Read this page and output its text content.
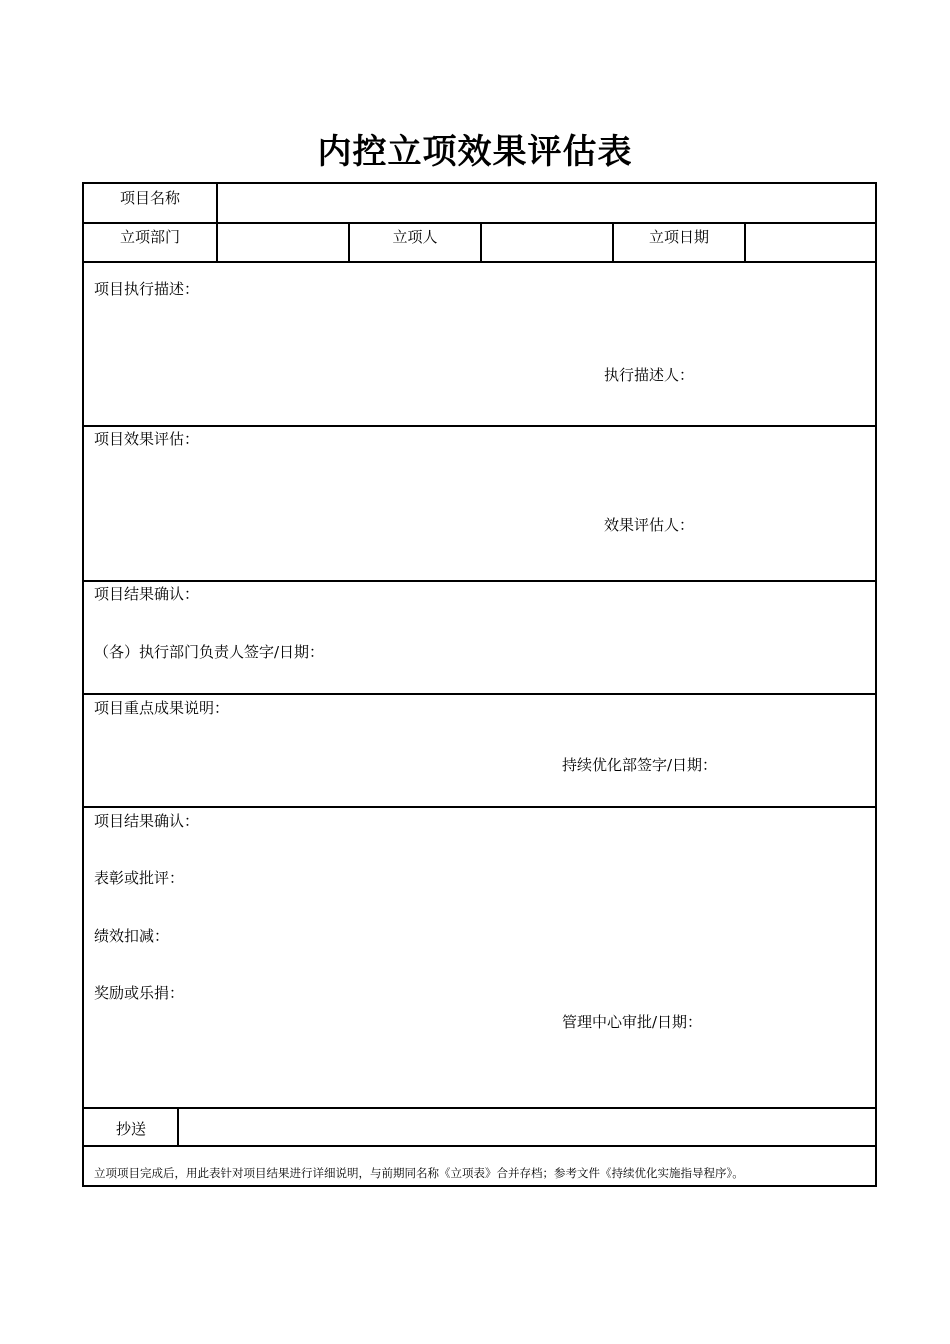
内控立项效果评估表
项目名称
立项部门	立项人	立项日期
项目执行描述：
执行描述人：
项目效果评估：
效果评估人：
项目结果确认：
（各）执行部门负责人签字/日期：
项目重点成果说明：
持续优化部签字/日期：
项目结果确认：
表彰或批评：
绩效扣减：
奖励或乐捐：
管理中心审批/日期：
抄送
立项项目完成后，用此表针对项目结果进行详细说明，与前期同名称《立项表》合并存档；参考文件《持续优化实施指导程序》。
